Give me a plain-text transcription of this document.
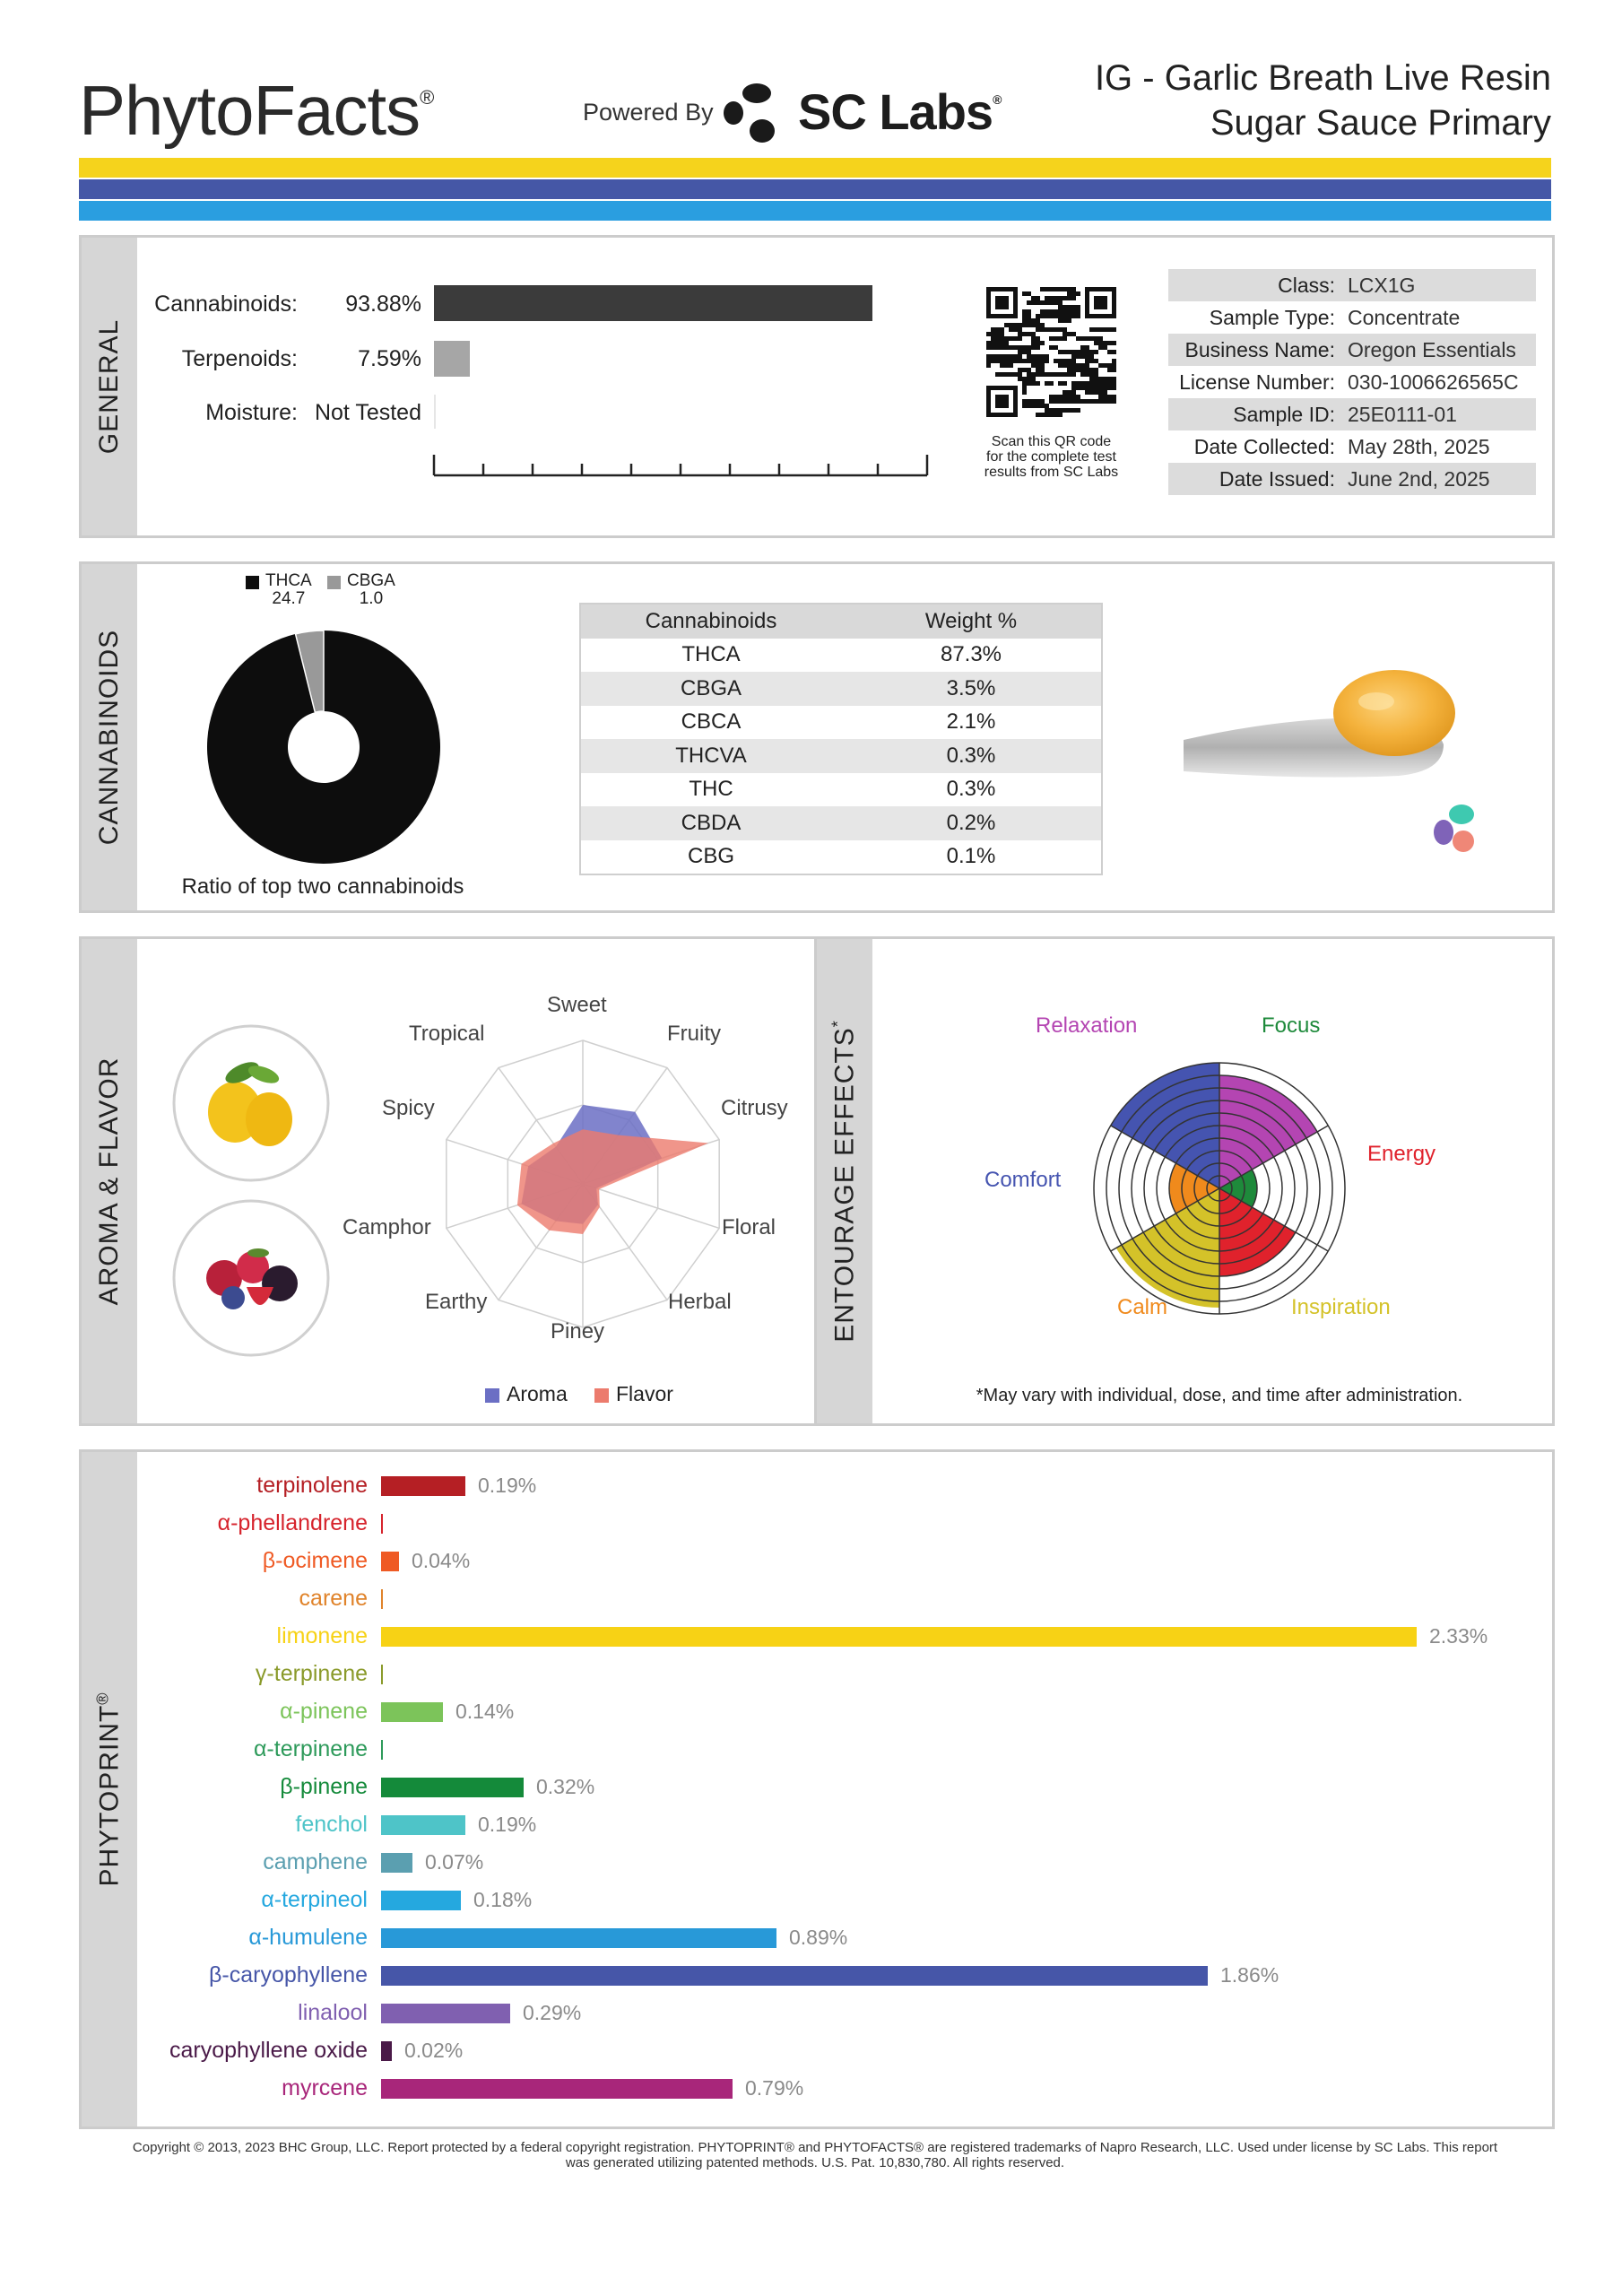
PhytoFacts®
Powered By SC Labs®
IG - Garlic Breath Live Resin
Sugar Sauce Primary
GENERAL
Cannabinoids:	93.88%
Terpenoids:	7.59%
Moisture: Not Tested
Scan this QR code
for the complete test
results from SC Labs
Class: LCX1G
Sample Type: Concentrate
Business Name: Oregon Essentials
License Number: 030-1006626565C
Sample ID: 25E0111-01
Date Collected: May 28th, 2025
Date Issued: June 2nd, 2025
CANNABINOIDS
THCA
24.7
CBGA
1.0
Ratio of top two cannabinoids
Cannabinoids	Weight %
THCA	87.3%
CBGA	3.5%
CBCA	2.1%
THCVA	0.3%
THC	0.3%
CBDA	0.2%
CBG	0.1%
AROMA & FLAVOR	ENTOURAGE EFFECTS*
Sweet
Fruity
Citrusy
Floral
Herbal
Piney
Earthy
Camphor
Spicy
Tropical
Aroma Flavor
Relaxation	Focus
Energy
Inspiration
Calm
Comfort
*May vary with individual, dose, and time after administration.
PHYTOPRINT®
terpinolene	0.19%
α-phellandrene
β-ocimene 0.04%
carene
limonene	2.33%
γ-terpinene
α-pinene	0.14%
α-terpinene
β-pinene	0.32%
fenchol	0.19%
camphene	0.07%
α-terpineol	0.18%
α-humulene	0.89%
β-caryophyllene	1.86%
linalool	0.29%
caryophyllene oxide 0.02%
myrcene	0.79%
Copyright © 2013, 2023 BHC Group, LLC. Report protected by a federal copyright registration. PHYTOPRINT® and PHYTOFACTS® are registered trademarks of Napro Research, LLC. Used under license by SC Labs. This report
was generated utilizing patented methods. U.S. Pat. 10,830,780. All rights reserved.
